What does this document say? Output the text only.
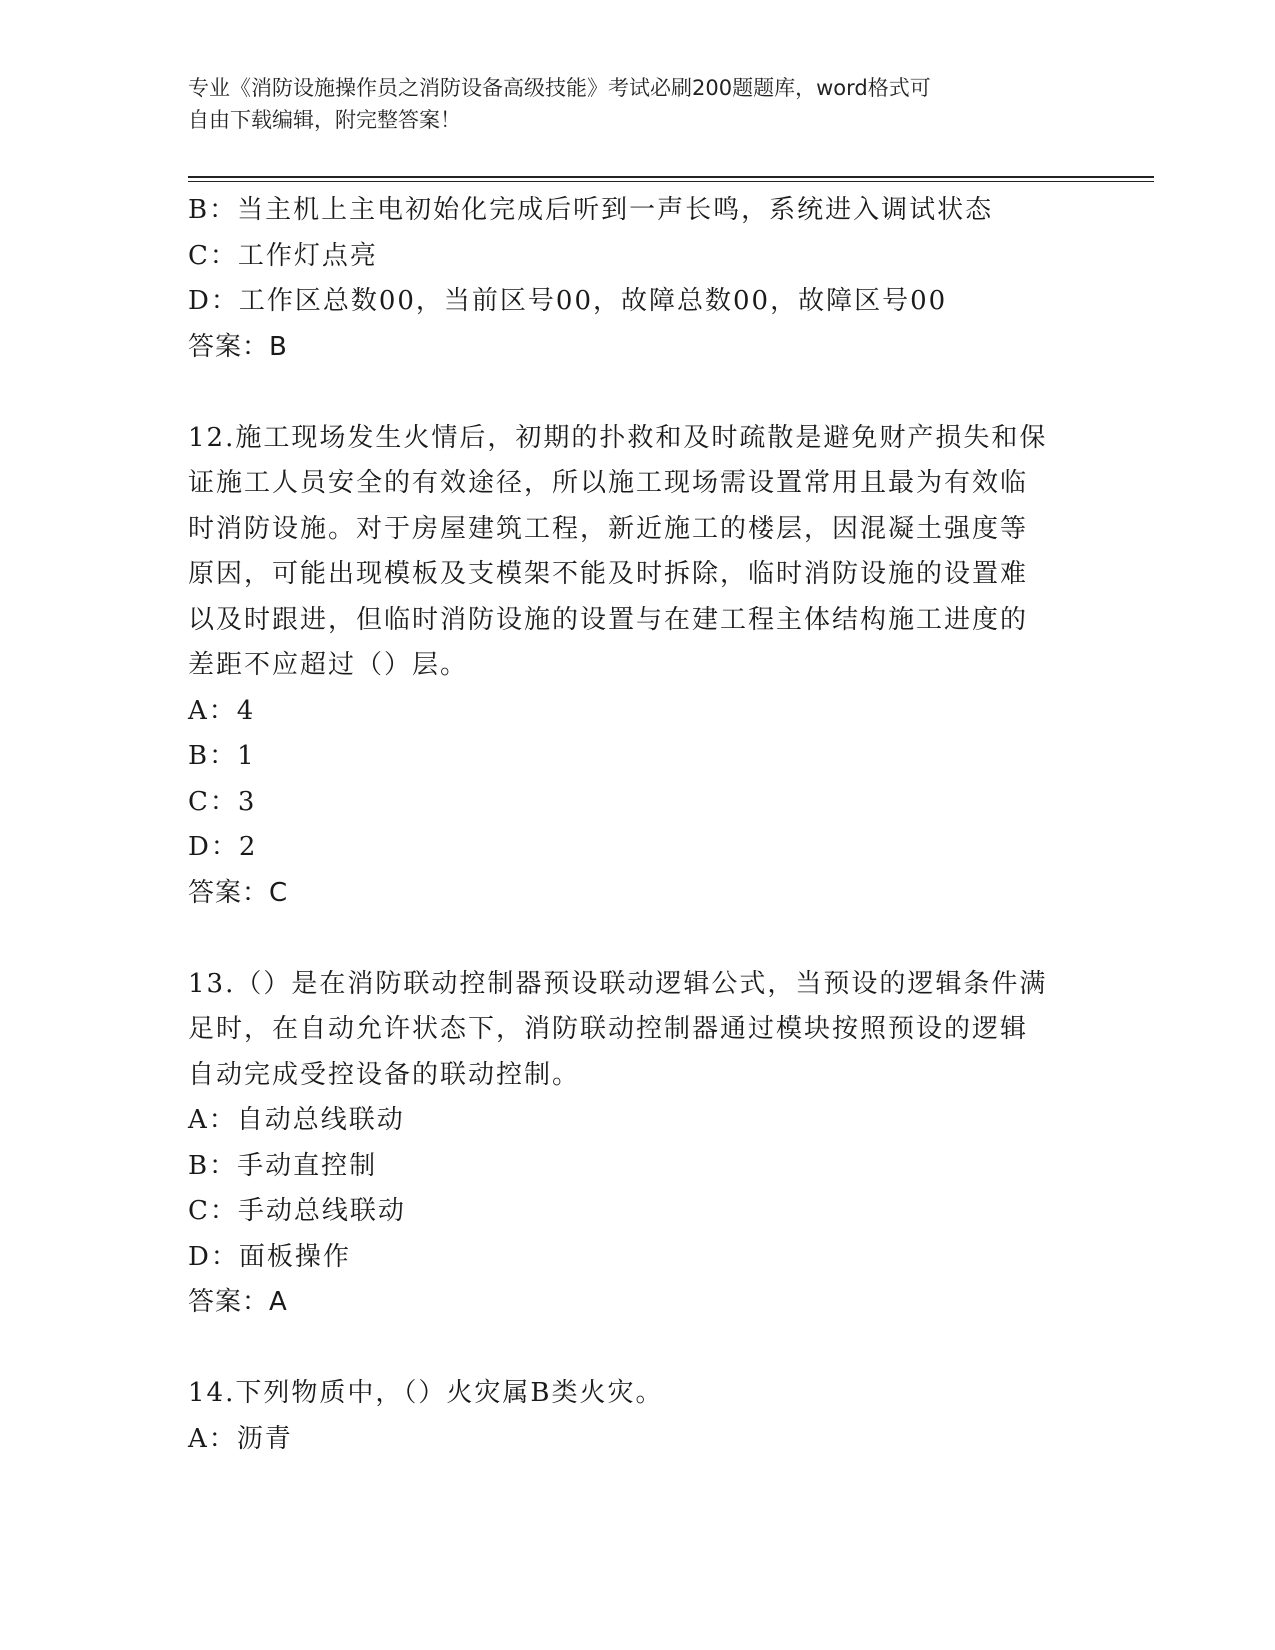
专业《消防设施操作员之消防设备高级技能》考试必刷200题题库，word格式可
自由下载编辑，附完整答案！
B：当主机上主电初始化完成后听到一声长鸣，系统进入调试状态
C：工作灯点亮
D：工作区总数00，当前区号00，故障总数00，故障区号00
答案：B
12.施工现场发生火情后，初期的扑救和及时疏散是避免财产损失和保
证施工人员安全的有效途径，所以施工现场需设置常用且最为有效临
时消防设施。对于房屋建筑工程，新近施工的楼层，因混凝土强度等
原因，可能出现模板及支模架不能及时拆除，临时消防设施的设置难
以及时跟进，但临时消防设施的设置与在建工程主体结构施工进度的
差距不应超过（）层。
A：4
B：1
C：3
D：2
答案：C
13.（）是在消防联动控制器预设联动逻辑公式，当预设的逻辑条件满
足时，在自动允许状态下，消防联动控制器通过模块按照预设的逻辑
自动完成受控设备的联动控制。
A：自动总线联动
B：手动直控制
C：手动总线联动
D：面板操作
答案：A
14.下列物质中，（）火灾属B类火灾。
A：沥青
